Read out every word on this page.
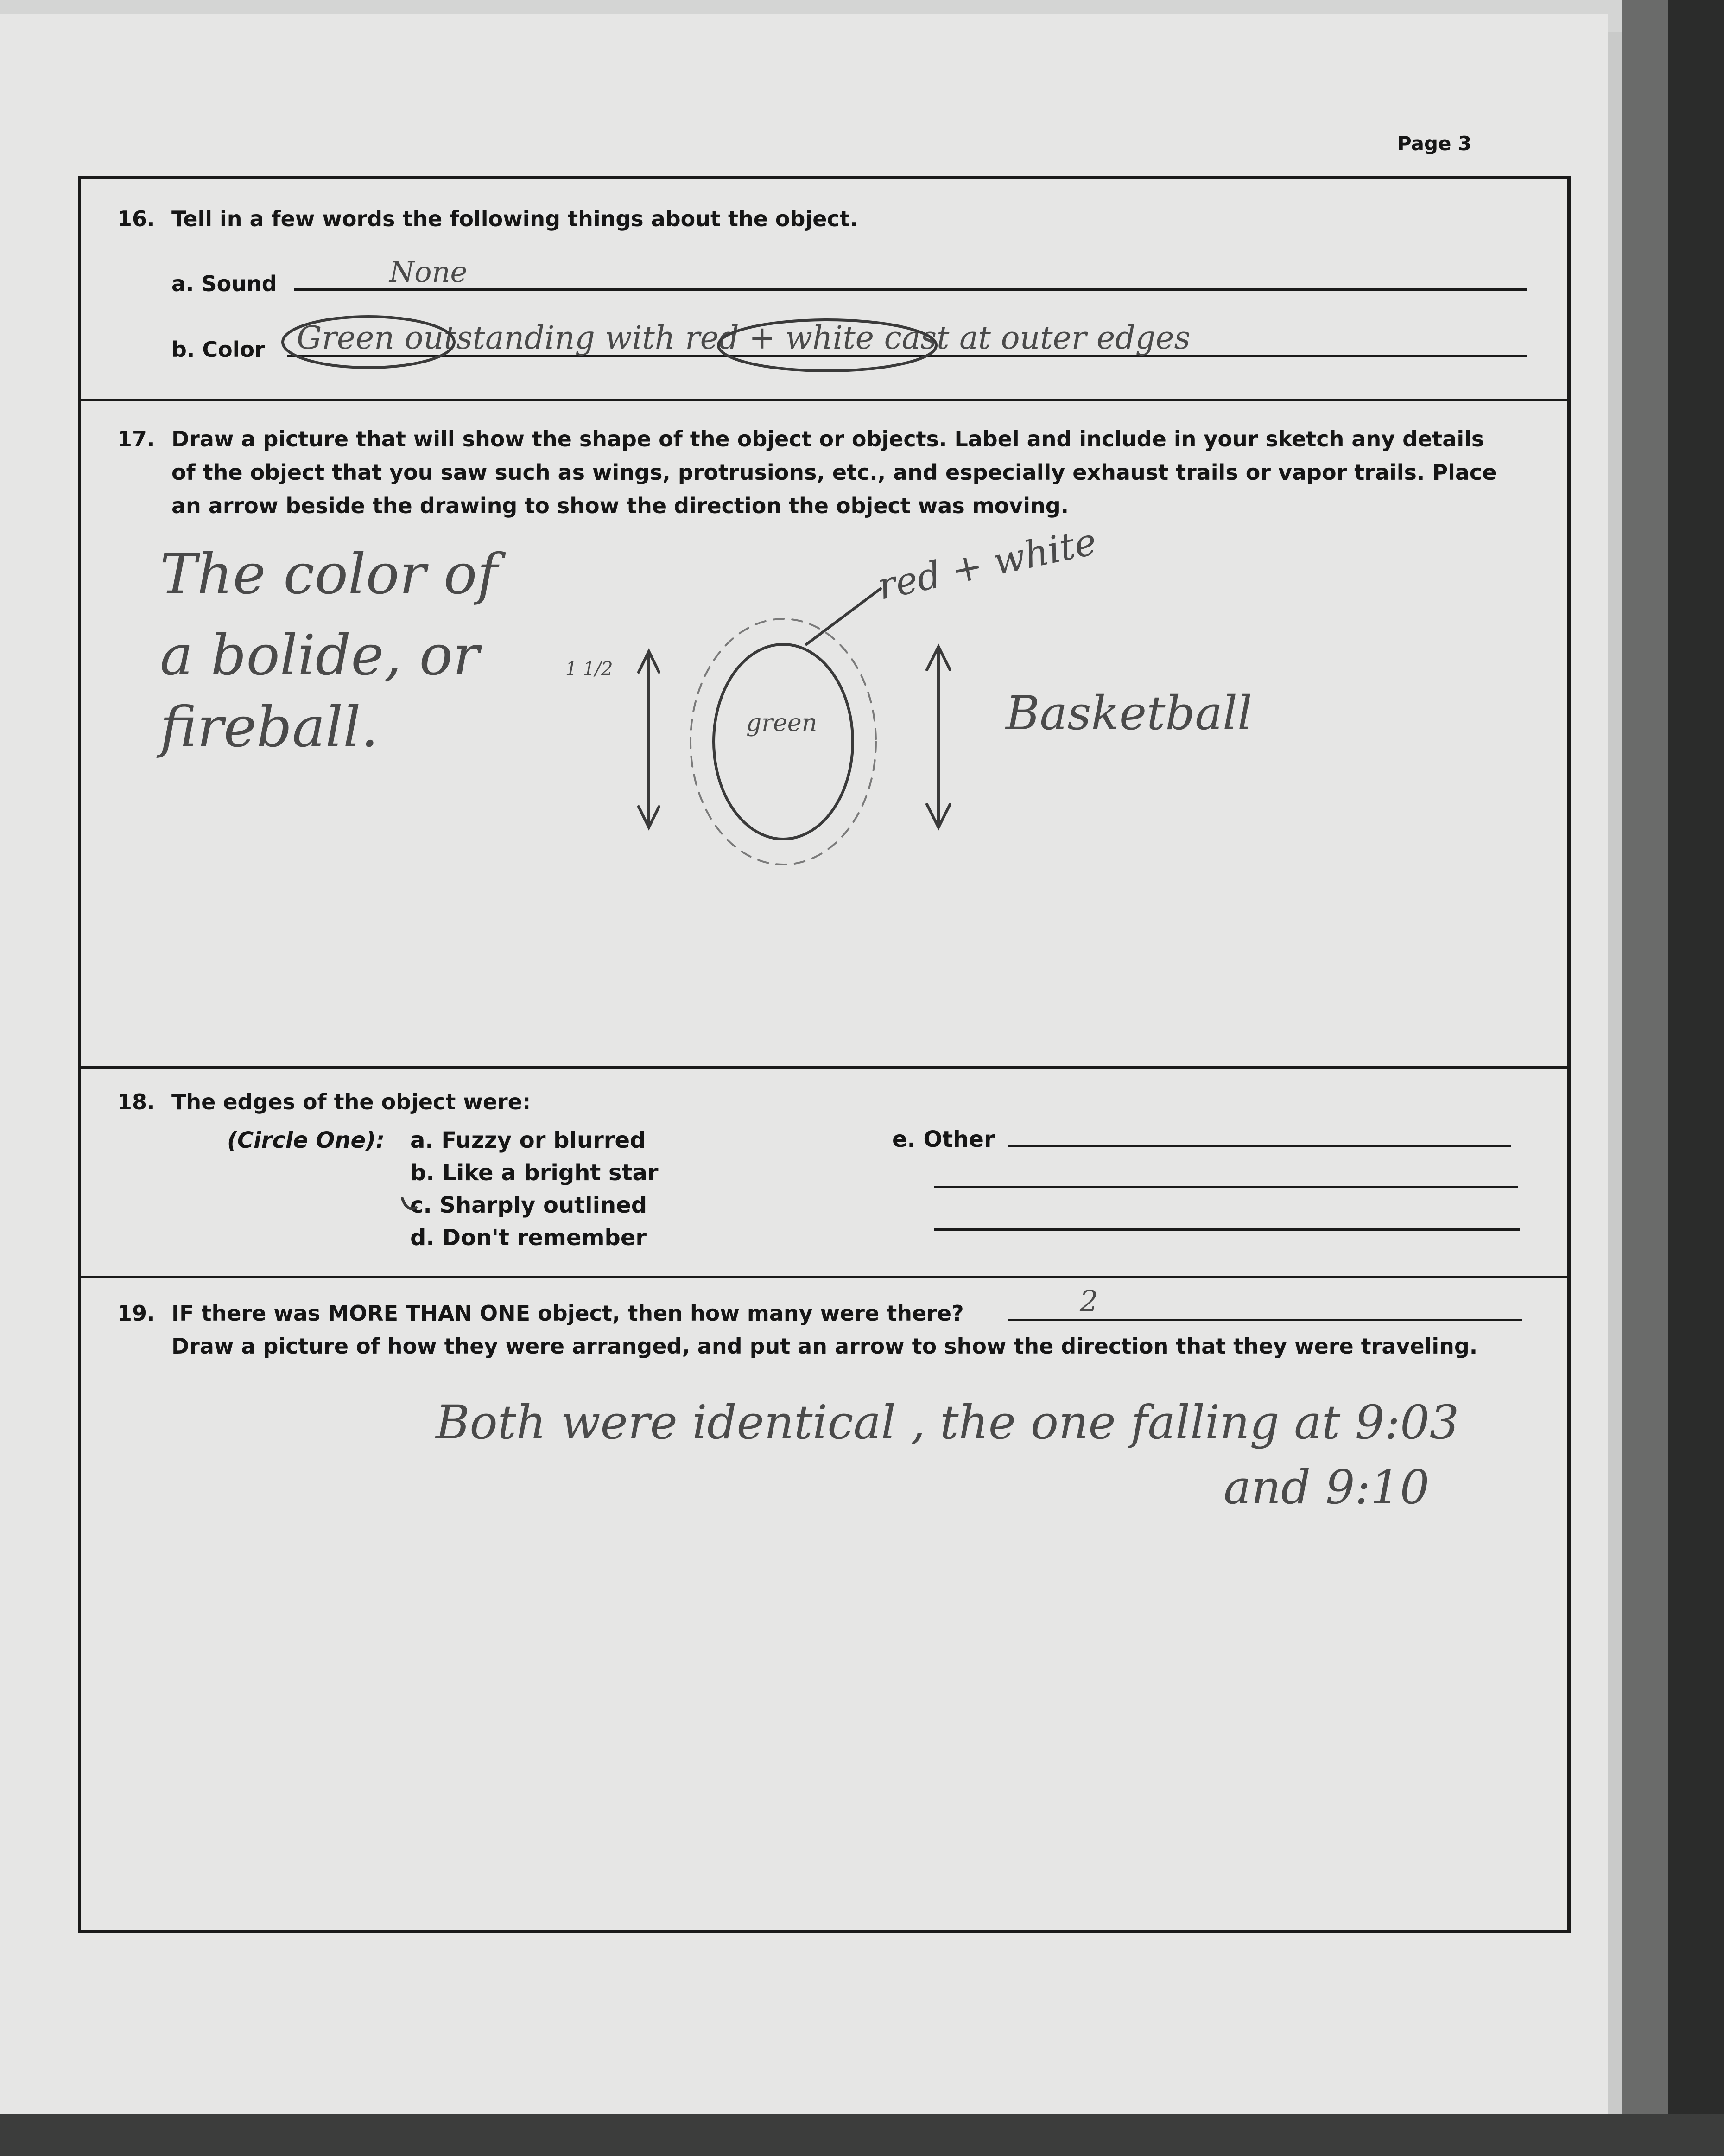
Page 3
16. Tell in a few words the following things about the object.
a. Sound	None
b. Color Green outstanding with red + white cast at outer edges
17. Draw a picture that will show the shape of the object or objects. Label and include in your sketch any details
of the object that you saw such as wings, protrusions, etc., and especially exhaust trails or vapor trails. Place
an arrow beside the drawing to show the direction the object was moving.
The color of
a bolide, or
fireball.	green
red + white
Basketball
1 1/2
18. The edges of the object were:
(Circle One): a. Fuzzy or blurred
b. Like a bright star
c. Sharply outlined
d. Don't remember
e. Other
19. IF there was MORE THAN ONE object, then how many were there?	2
Draw a picture of how they were arranged, and put an arrow to show the direction that they were traveling.
Both were identical , the one falling at 9:03
and 9:10
